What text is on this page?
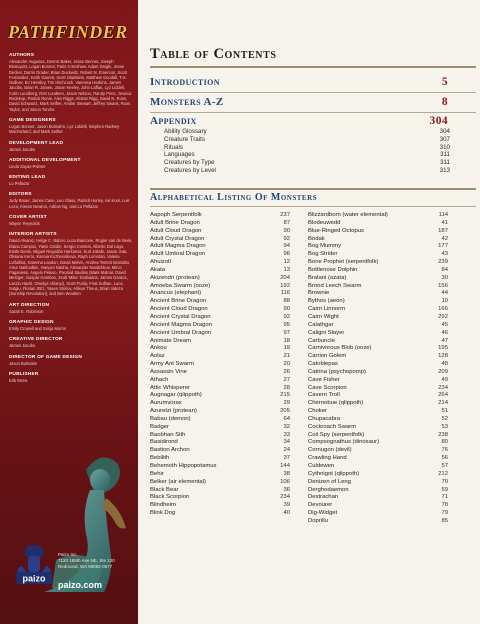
PATHFINDER
AUTHORS
Alexander Augunas, Dennis Baker, Jesse Benner, Joseph Blomquist, Logan Bonner, Paris Crenshaw, Adam Daigle, Jesse Decker, Darrin Drader, Brian Duckwitz, Robert N. Emerson, Scott Fernandez, Keith Garrett, Scott Gladstein, Matthew Goodall, T.H. Gulliver, BJ Hensley, Tim Hitchcock, Vanessa Hoskins, James Jacobs, Brian R. James, Jason Keeley, John Laffan, Lyz Liddell, Colm Lundberg, Ron Lundeen, Jason Nelson, Randy Price, Jessica Redekop, Patrick Renie, Alex Riggs, Alistair Rigg, David N. Ross, David Schwartz, Mark Seifter, Amber Stewart, Jeffrey Swank, Russ Taylor, and Jason Tondro
GAME DESIGNERS
Logan Bonner, Jason Bulmahn, Lyz Liddell, Stephen Radney-MacFarland, and Mark Seifter
DEVELOPMENT LEAD
James Jacobs
ADDITIONAL DEVELOPMENT
Linda Zayas-Palmer
EDITING LEAD
Lu Pellazar
EDITORS
Judy Bauer, James Case, Leo Glass, Patrick Hurley, Avi Kool, Luis Loza, Kieran Newton, Adrian Ng, and Lu Pellazar
COVER ARTIST
Wayne Reynolds
INTERIOR ARTISTS
David Alvarez, Helge C. Balzer, Luca Bancone, Rogier van de Beek, Diana Campos, Yanis Cardin, Sergio Cosmai, Alberto Dal Lago, Emile Denis, Miguel Regodón Harkness, Kurt Jakobi, Jason Juta, Oksana Kerro, Ksenia Kozhevnikova, Raph Lomotan, Valeria Lutfullina, Katerina Landon, David Melvin, Andrea Tentori Montalto, Artur Nakhodkin, Haryoni Nanha, Alexander Nanitchkov, Mirco Paganessi, Angelo Peluso, Pixoloid Studios (Mark Molnar, David Metzger, Gaspar Gombos, Zsolt 'Mike' Szabados, James Gardos, Laszlo Hackl, Orsolya Villanyi), Scott Purdy, Firat Solhan, Luca Sotgiu, Florian Stitz, Yasen Stoilov, Allison Theus, Brian Valeza (Sunship Revolution), and Ben Wootten
ART DIRECTION
Sarah E. Robinson
GRAPHIC DESIGN
Emily Crowell and Sonja Morris
CREATIVE DIRECTOR
James Jacobs
DIRECTOR OF GAME DESIGN
Jason Bulmahn
PUBLISHER
Erik Mona
paizo
Paizo Inc.
7120 185th Ave NE, Ste 120
Redmond, WA 98052-0577
paizo.com
Table of Contents
Introduction	5
Monsters A-Z	8
Appendix	304
Ability Glossary	304
Creature Traits	307
Rituals	310
Languages	311
Creatures by Type	311
Creatures by Level	313
Alphabetical Listing Of Monsters
Aapoph Serpentfolk	237
Adult Brine Dragon	87
Adult Cloud Dragon	90
Adult Crystal Dragon	92
Adult Magma Dragon	94
Adult Umbral Dragon	96
Ahuizotl	12
Akata	13
Akizendri (protean)	204
Amoeba Swarm (ooze)	192
Anancus (elephant)	116
Ancient Brine Dragon	88
Ancient Cloud Dragon	90
Ancient Crystal Dragon	92
Ancient Magma Dragon	95
Ancient Umbral Dragon	97
Animate Dream	18
Ankou	19
Aolaz	21
Army Ant Swarm	20
Assassin Vine	26
Athach	27
Attic Whisperer	28
Augnagar (qlippoth)	215
Aurumvorax	29
Azuretzi (protean)	205
Babau (demon)	64
Badger	32
Baobhan Sith	33
Basidirond	34
Bastion Archon	24
Bebilith	37
Behemoth Hippopotamus	144
Behir	38
Belker (air elemental)	106
Black Bear	36
Black Scorpion	234
Blindheim	39
Blink Dog	40
Blizzardborn (water elemental)	114
Blodeuwedd	41
Blue-Ringed Octopus	187
Bodak	42
Bog Mummy	177
Bog Strider	43
Bone Prophet (serpentfolk)	239
Bottlenose Dolphin	84
Bralani (azata)	30
Brood Leech Swarm	156
Brownie	44
Bythos (aeon)	10
Cairn Linnorm	166
Cairn Wight	292
Calathgar	45
Caligni Slayer	46
Carbuncle	47
Carnivorous Blob (ooze)	195
Carrion Golem	128
Catoblepas	48
Catrina (psychopomp)	209
Cave Fisher	49
Cave Scorpion	234
Cavern Troll	264
Chernobue (qlippoth)	214
Choker	51
Chupacabra	52
Cockroach Swarm	53
Coil Spy (serpentfolk)	238
Compsognathus (dinosaur)	80
Cornugon (devil)	76
Crawling Hand	56
Culdewen	57
Cythnigot (qlippoth)	212
Denizen of Leng	70
Derghodaemon	59
Destrachan	71
Devourer	78
Dig-Widget	79
Doprillu	85
